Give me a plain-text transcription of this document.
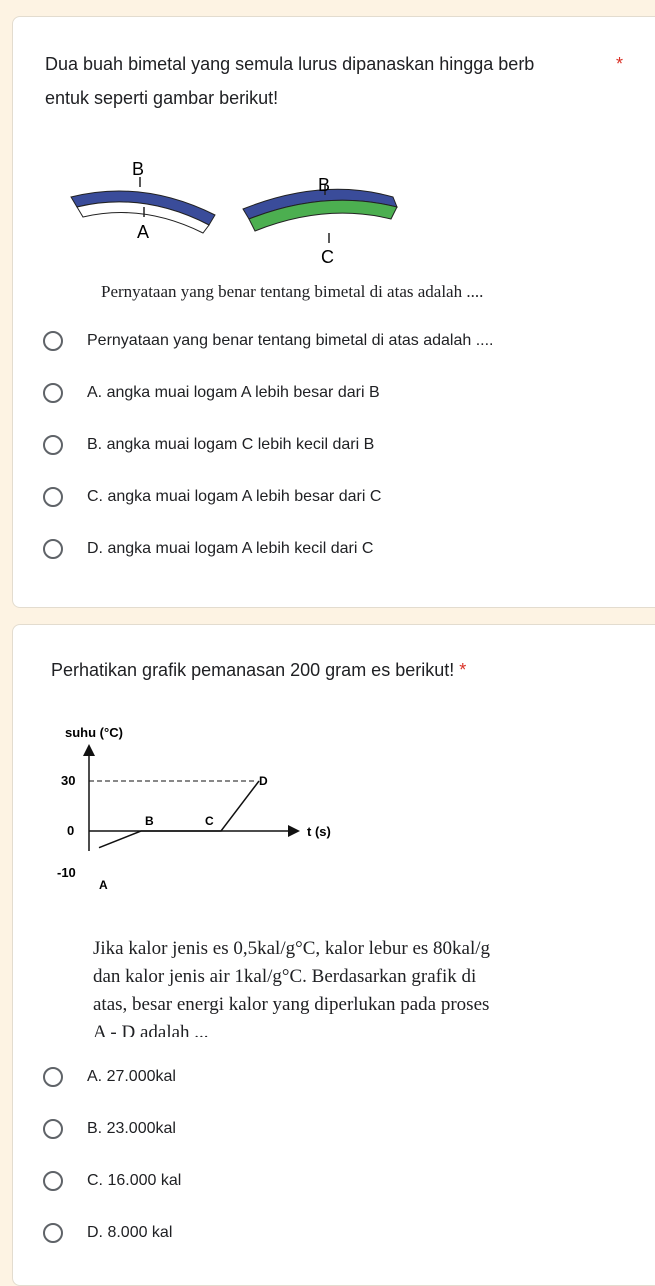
Dua buah bimetal yang semula lurus dipanaskan hingga berb	*
entuk seperti gambar berikut!
B
A
B
C
Pernyataan yang benar tentang bimetal di atas adalah ....
Pernyataan yang benar tentang bimetal di atas adalah ....
A. angka muai logam A lebih besar dari B
B. angka muai logam C lebih kecil dari B
C. angka muai logam A lebih besar dari C
D. angka muai logam A lebih kecil dari C
Perhatikan grafik pemanasan 200 gram es berikut! *
suhu (°C)
t (s)
30
0
-10
A
B	C
D
Jika kalor jenis es 0,5kal/g°C, kalor lebur es 80kal/g
dan kalor jenis air 1kal/g°C. Berdasarkan grafik di
atas, besar energi kalor yang diperlukan pada proses
A - D adalah ...
A. 27.000kal
B. 23.000kal
C. 16.000 kal
D. 8.000 kal
